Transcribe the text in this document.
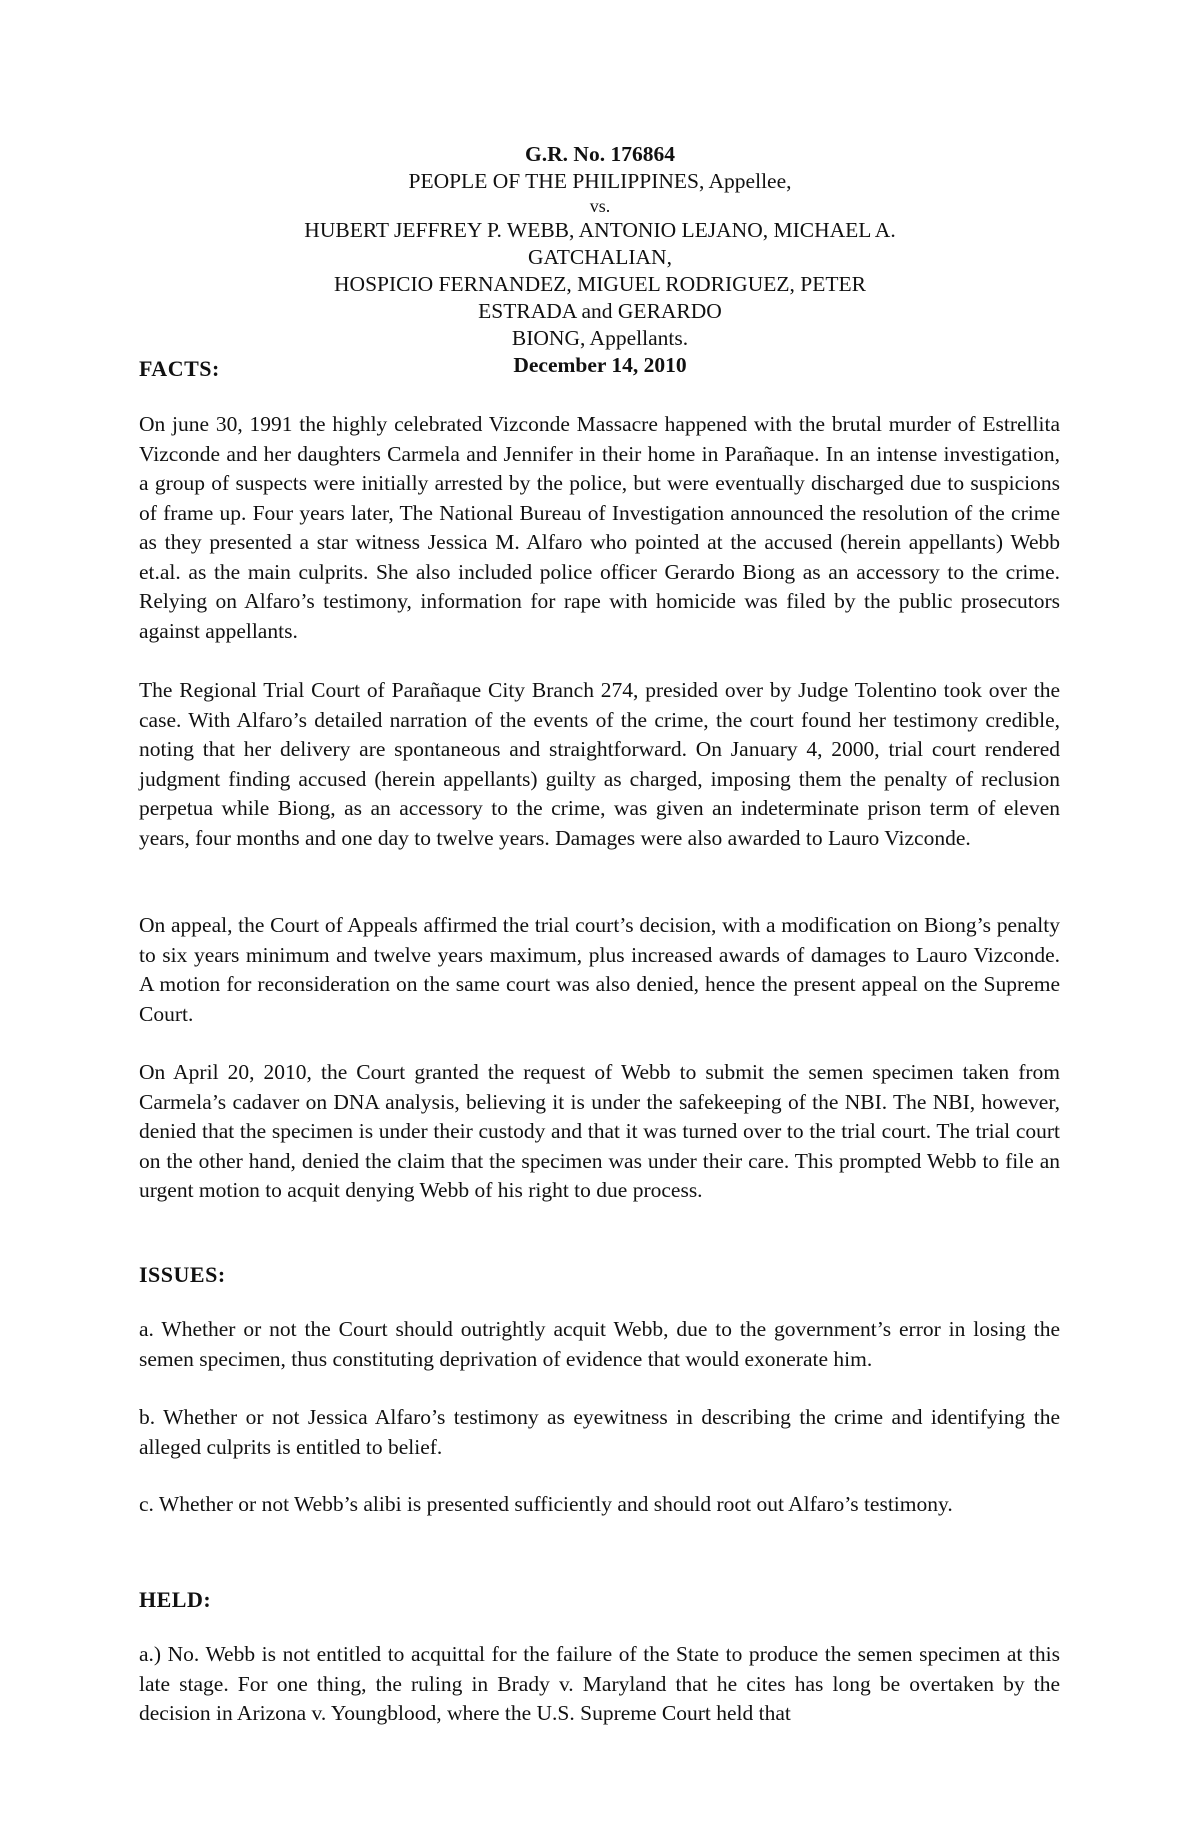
G.R. No. 176864
PEOPLE OF THE PHILIPPINES, Appellee,
vs.
HUBERT JEFFREY P. WEBB, ANTONIO LEJANO, MICHAEL A. GATCHALIAN,
HOSPICIO FERNANDEZ, MIGUEL RODRIGUEZ, PETER ESTRADA and GERARDO
BIONG, Appellants.
December 14, 2010
FACTS:

On june 30, 1991 the highly celebrated Vizconde Massacre happened with the brutal murder of Estrellita Vizconde and her daughters Carmela and Jennifer in their home in Parañaque. In an intense investigation, a group of suspects were initially arrested by the police, but were eventually discharged due to suspicions of frame up. Four years later, The National Bureau of Investigation announced the resolution of the crime as they presented a star witness Jessica M. Alfaro who pointed at the accused (herein appellants) Webb et.al. as the main culprits. She also included police officer Gerardo Biong as an accessory to the crime. Relying on Alfaro’s testimony, information for rape with homicide was filed by the public prosecutors against appellants.

The Regional Trial Court of Parañaque City Branch 274, presided over by Judge Tolentino took over the case. With Alfaro’s detailed narration of the events of the crime, the court found her testimony credible, noting that her delivery are spontaneous and straightforward. On January 4, 2000, trial court rendered judgment finding accused (herein appellants) guilty as charged, imposing them the penalty of reclusion perpetua while Biong, as an accessory to the crime, was given an indeterminate prison term of eleven years, four months and one day to twelve years. Damages were also awarded to Lauro Vizconde.

On appeal, the Court of Appeals affirmed the trial court’s decision, with a modification on Biong’s penalty to six years minimum and twelve years maximum, plus increased awards of damages to Lauro Vizconde. A motion for reconsideration on the same court was also denied, hence the present appeal on the Supreme Court.

On April 20, 2010, the Court granted the request of Webb to submit the semen specimen taken from Carmela’s cadaver on DNA analysis, believing it is under the safekeeping of the NBI. The NBI, however, denied that the specimen is under their custody and that it was turned over to the trial court. The trial court on the other hand, denied the claim that the specimen was under their care. This prompted Webb to file an urgent motion to acquit denying Webb of his right to due process.

ISSUES:

a. Whether or not the Court should outrightly acquit Webb, due to the government’s error in losing the semen specimen, thus constituting deprivation of evidence that would exonerate him.

b. Whether or not Jessica Alfaro’s testimony as eyewitness in describing the crime and identifying the alleged culprits is entitled to belief.

c. Whether or not Webb’s alibi is presented sufficiently and should root out Alfaro’s testimony.

HELD:

a.) No. Webb is not entitled to acquittal for the failure of the State to produce the semen specimen at this late stage. For one thing, the ruling in Brady v. Maryland that he cites has long be overtaken by the decision in Arizona v. Youngblood, where the U.S. Supreme Court held that
